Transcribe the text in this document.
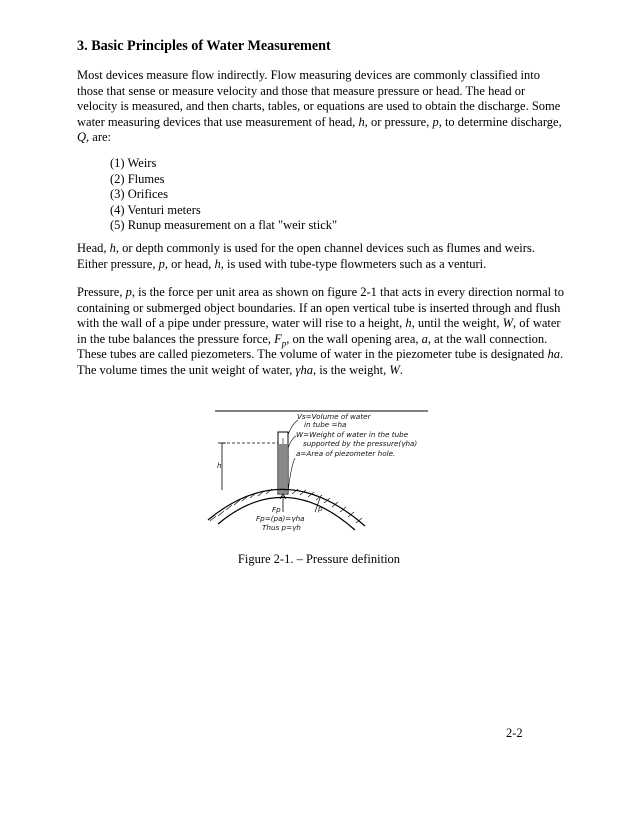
3. Basic Principles of Water Measurement

Most devices measure flow indirectly. Flow measuring devices are commonly classified into those that sense or measure velocity and those that measure pressure or head. The head or velocity is measured, and then charts, tables, or equations are used to obtain the discharge. Some water measuring devices that use measurement of head, h, or pressure, p, to determine discharge, Q, are:

(1) Weirs
(2) Flumes
(3) Orifices
(4) Venturi meters
(5) Runup measurement on a flat "weir stick"

Head, h, or depth commonly is used for the open channel devices such as flumes and weirs. Either pressure, p, or head, h, is used with tube-type flowmeters such as a venturi.

Pressure, p, is the force per unit area as shown on figure 2-1 that acts in every direction normal to containing or submerged object boundaries. If an open vertical tube is inserted through and flush with the wall of a pipe under pressure, water will rise to a height, h, until the weight, W, of water in the tube balances the pressure force, $F_p$, on the wall opening area, a, at the wall connection. These tubes are called piezometers. The volume of water in the piezometer tube is designated ha. The volume times the unit weight of water, γha, is the weight, W.

h
Fp	p
Vs=Volume of water
in tube =ha
W=Weight of water in the tube
supported by the pressure(γha)
a=Area of piezometer hole.
Fp=(pa)=γha
Thus p=γh
Figure 2-1. – Pressure definition
2-2
